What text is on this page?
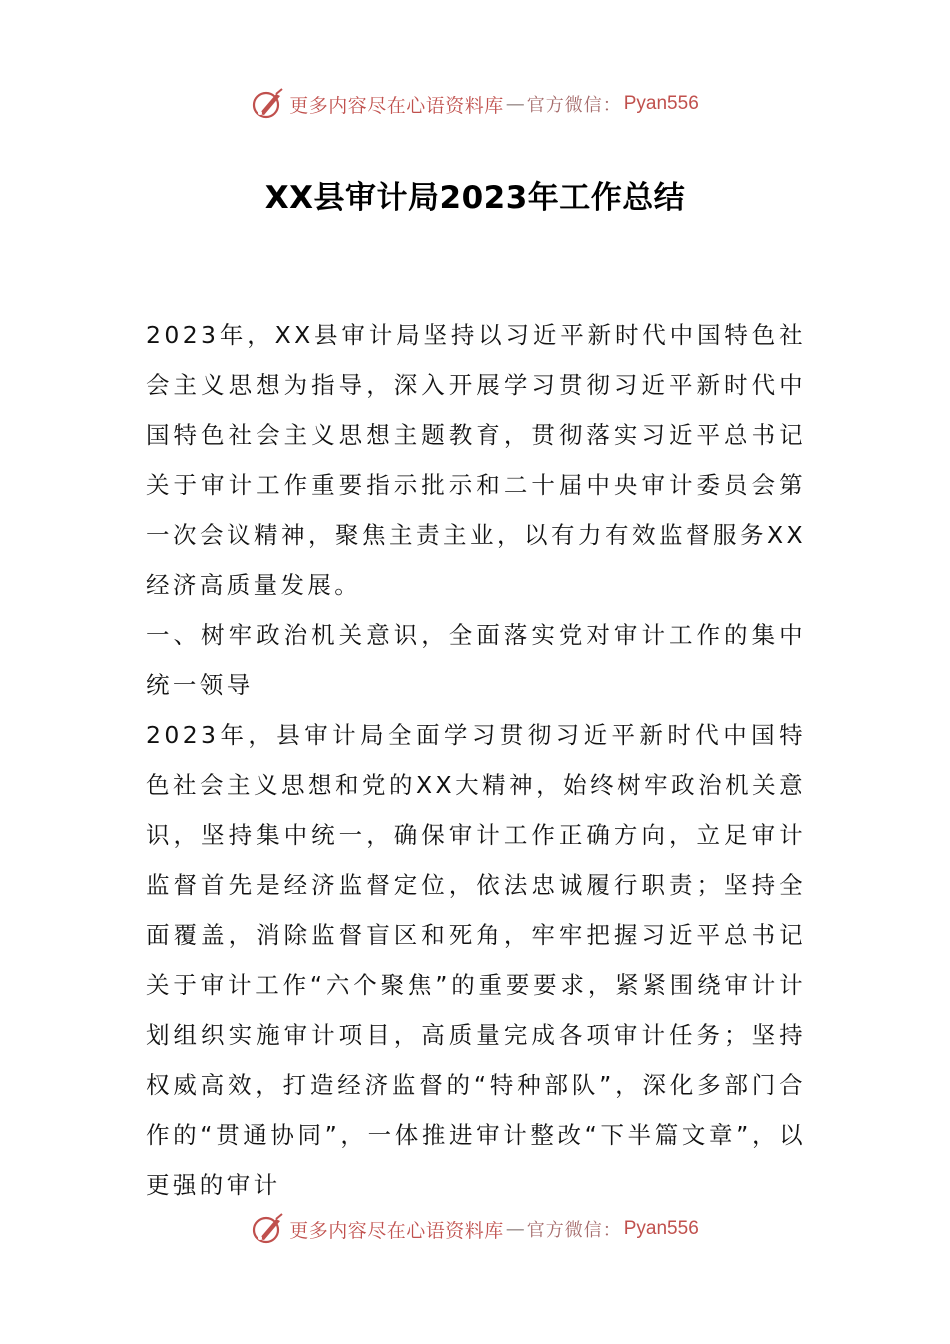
更多内容尽在心语资料库 — 官方微信： Pyan556
XX县审计局2023年工作总结

2023年，XX县审计局坚持以习近平新时代中国特色社会主义思想为指导，深入开展学习贯彻习近平新时代中国特色社会主义思想主题教育，贯彻落实习近平总书记关于审计工作重要指示批示和二十届中央审计委员会第一次会议精神，聚焦主责主业，以有力有效监督服务XX经济高质量发展。

一、树牢政治机关意识，全面落实党对审计工作的集中统一领导

2023年，县审计局全面学习贯彻习近平新时代中国特色社会主义思想和党的XX大精神，始终树牢政治机关意识，坚持集中统一，确保审计工作正确方向，立足审计监督首先是经济监督定位，依法忠诚履行职责；坚持全面覆盖，消除监督盲区和死角，牢牢把握习近平总书记关于审计工作“六个聚焦”的重要要求，紧紧围绕审计计划组织实施审计项目，高质量完成各项审计任务；坚持权威高效，打造经济监督的“特种部队”，深化多部门合作的“贯通协同”，一体推进审计整改“下半篇文章”，以更强的审计

更多内容尽在心语资料库 — 官方微信： Pyan556
